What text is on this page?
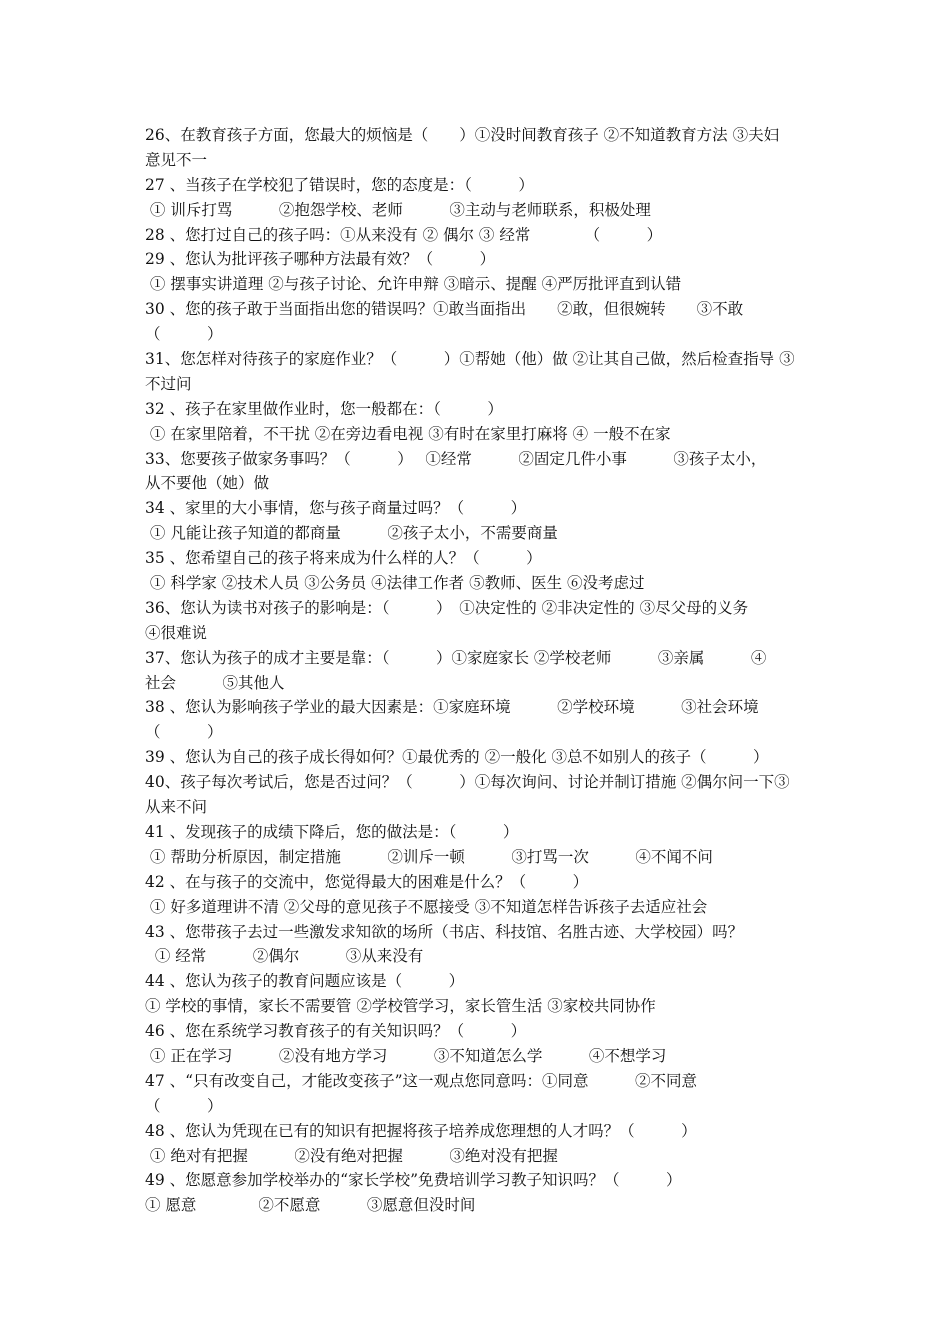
26、在教育孩子方面，您最大的烦恼是（　　）①没时间教育孩子 ②不知道教育方法 ③夫妇
意见不一
27 、当孩子在学校犯了错误时，您的态度是：（　　　）
① 训斥打骂　　　②抱怨学校、老师　　　③主动与老师联系，积极处理
28 、您打过自己的孩子吗：①从来没有 ② 偶尔 ③ 经常　　　　（　　　）
29 、您认为批评孩子哪种方法最有效？（　　　）
① 摆事实讲道理 ②与孩子讨论、允许申辩 ③暗示、提醒 ④严厉批评直到认错
30 、您的孩子敢于当面指出您的错误吗？①敢当面指出　　②敢，但很婉转　　③不敢
（　　　）
31、您怎样对待孩子的家庭作业？（　　　）①帮她（他）做 ②让其自己做，然后检查指导 ③
不过问
32 、孩子在家里做作业时，您一般都在：（　　　）
① 在家里陪着，不干扰 ②在旁边看电视 ③有时在家里打麻将 ④ 一般不在家
33、您要孩子做家务事吗？（　　　）　 ①经常　　　②固定几件小事　　　③孩子太小，
从不要他（她）做
34 、家里的大小事情，您与孩子商量过吗？（　　　）
① 凡能让孩子知道的都商量　　　②孩子太小，不需要商量
35 、您希望自己的孩子将来成为什么样的人？（　　　）
① 科学家 ②技术人员 ③公务员 ④法律工作者 ⑤教师、医生 ⑥没考虑过
36、您认为读书对孩子的影响是：（　　　）　①决定性的 ②非决定性的 ③尽父母的义务
④很难说
37、您认为孩子的成才主要是靠：（　　　）①家庭家长 ②学校老师　　　③亲属　　　④
社会　　　⑤其他人
38 、您认为影响孩子学业的最大因素是：①家庭环境　　　②学校环境　　　③社会环境
（　　　）
39 、您认为自己的孩子成长得如何？①最优秀的 ②一般化 ③总不如别人的孩子（　　　）
40、孩子每次考试后，您是否过问？（　　　）①每次询问、讨论并制订措施 ②偶尔问一下③
从来不问
41 、发现孩子的成绩下降后，您的做法是：（　　　）
① 帮助分析原因，制定措施　　　②训斥一顿　　　③打骂一次　　　④不闻不问
42 、在与孩子的交流中，您觉得最大的困难是什么？（　　　）
① 好多道理讲不清 ②父母的意见孩子不愿接受 ③不知道怎样告诉孩子去适应社会
43 、您带孩子去过一些激发求知欲的场所（书店、科技馆、名胜古迹、大学校园）吗？
① 经常　　　②偶尔　　　③从来没有
44 、您认为孩子的教育问题应该是（　　　）
① 学校的事情，家长不需要管 ②学校管学习，家长管生活 ③家校共同协作
46 、您在系统学习教育孩子的有关知识吗？（　　　）
① 正在学习　　　②没有地方学习　　　③不知道怎么学　　　④不想学习
47 、“只有改变自己，才能改变孩子”这一观点您同意吗：①同意　　　②不同意
（　　　）
48 、您认为凭现在已有的知识有把握将孩子培养成您理想的人才吗？（　　　）
① 绝对有把握　　　②没有绝对把握　　　③绝对没有把握
49 、您愿意参加学校举办的“家长学校”免费培训学习教子知识吗？（　　　）
① 愿意　　　　②不愿意　　　③愿意但没时间
